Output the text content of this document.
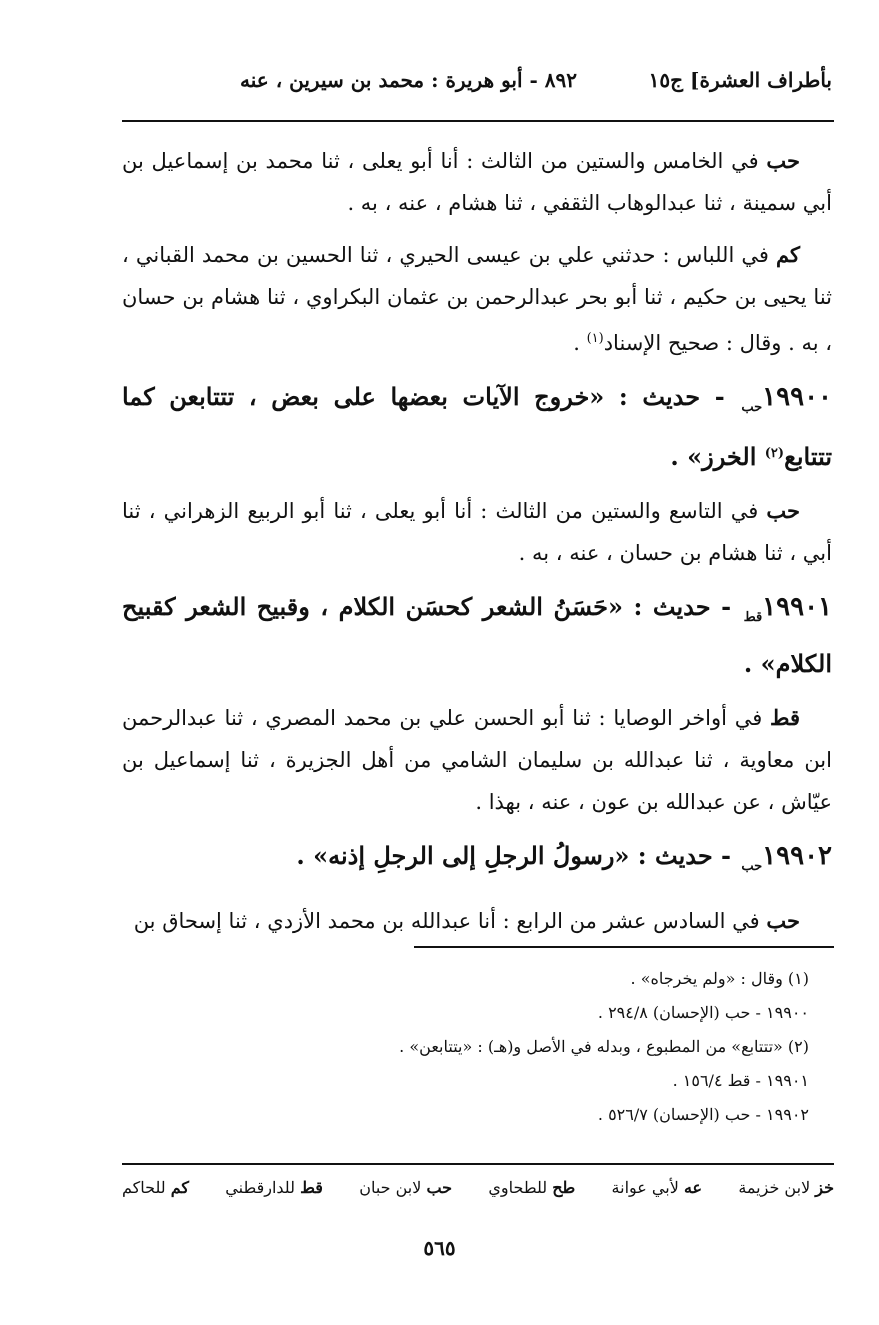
بأطراف العشرة] ج١٥
٨٩٢ - أبو هريرة : محمد بن سيرين ، عنه

حب في الخامس والستين من الثالث : أنا أبو يعلى ، ثنا محمد بن إسماعيل بن أبي سمينة ، ثنا عبدالوهاب الثقفي ، ثنا هشام ، عنه ، به .

كم في اللباس : حدثني علي بن عيسى الحيري ، ثنا الحسين بن محمد القباني ، ثنا يحيى بن حكيم ، ثنا أبو بحر عبدالرحمن بن عثمان البكراوي ، ثنا هشام بن حسان ، به . وقال : صحيح الإسناد$^{(١)}$ .

$١٩٩٠٠_{حب}$ - حديث : «خروج الآيات بعضها على بعض ، تتتابعن كما تتتابع$^{(٢)}$ الخرز» .

حب في التاسع والستين من الثالث : أنا أبو يعلى ، ثنا أبو الربيع الزهراني ، ثنا أبي ، ثنا هشام بن حسان ، عنه ، به .

$١٩٩٠١_{قط}$ - حديث : «حَسَنُ الشعر كحسَن الكلام ، وقبيح الشعر كقبيح الكلام» .

قط في أواخر الوصايا : ثنا أبو الحسن علي بن محمد المصري ، ثنا عبدالرحمن ابن معاوية ، ثنا عبدالله بن سليمان الشامي من أهل الجزيرة ، ثنا إسماعيل بن عيّاش ، عن عبدالله بن عون ، عنه ، بهذا .

$١٩٩٠٢_{حب}$ - حديث : «رسولُ الرجلِ إلى الرجلِ إذنه» .

حب في السادس عشر من الرابع : أنا عبدالله بن محمد الأزدي ، ثنا إسحاق بن

(١) وقال : «ولم يخرجاه» .

١٩٩٠٠ - حب (الإحسان) ٢٩٤/٨ .

(٢) «تتتابع» من المطبوع ، وبدله في الأصل و(هـ) : «يتتابعن» .

١٩٩٠١ - قط ١٥٦/٤ .

١٩٩٠٢ - حب (الإحسان) ٥٢٦/٧ .

خز لابن خزيمة
عه لأبي عوانة
طح للطحاوي
حب لابن حبان
قط للدارقطني
كم للحاكم
٥٦٥
